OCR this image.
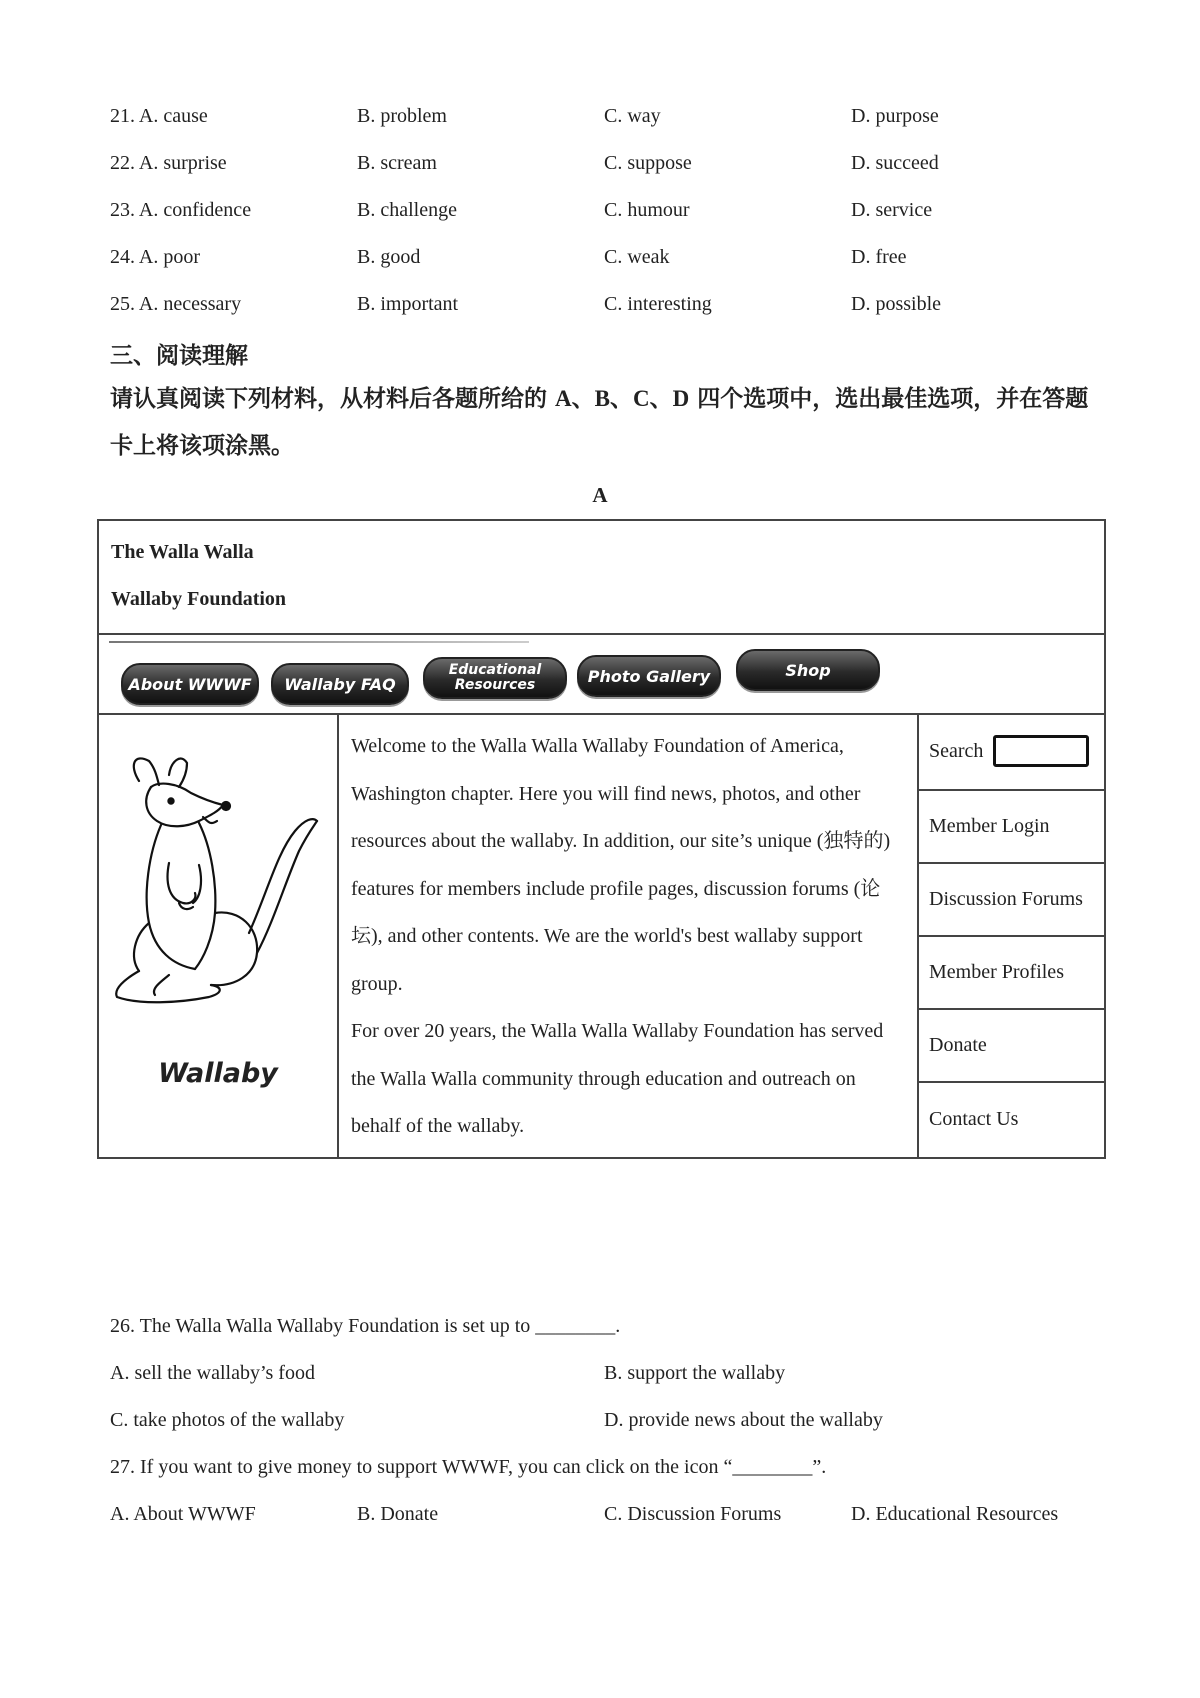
21. A. cause	B. problem	C. way	D. purpose
22. A. surprise	B. scream	C. suppose	D. succeed
23. A. confidence	B. challenge	C. humour	D. service
24. A. poor	B. good	C. weak	D. free
25. A. necessary	B. important	C. interesting	D. possible
三、阅读理解
请认真阅读下列材料，从材料后各题所给的 A、B、C、D 四个选项中，选出最佳选项，并在答题卡上将该项涂黑。
A
The Walla Walla
Wallaby Foundation
About WWWF	Wallaby FAQ
Educational Resources	Photo Gallery	Shop
Wallaby

Welcome to the Walla Walla Wallaby Foundation of America, Washington chapter. Here you will find news, photos, and other resources about the wallaby. In addition, our site’s unique (独特的) features for members include profile pages, discussion forums (论坛), and other contents. We are the world's best wallaby support group.

For over 20 years, the Walla Walla Wallaby Foundation has served the Walla Walla community through education and outreach on behalf of the wallaby.

Search
Member Login
Discussion Forums
Member Profiles
Donate
Contact Us
26. The Walla Walla Wallaby Foundation is set up to ________.
A. sell the wallaby’s food	B. support the wallaby
C. take photos of the wallaby	D. provide news about the wallaby
27. If you want to give money to support WWWF, you can click on the icon “________”.
A. About WWWF	B. Donate	C. Discussion Forums	D. Educational Resources
